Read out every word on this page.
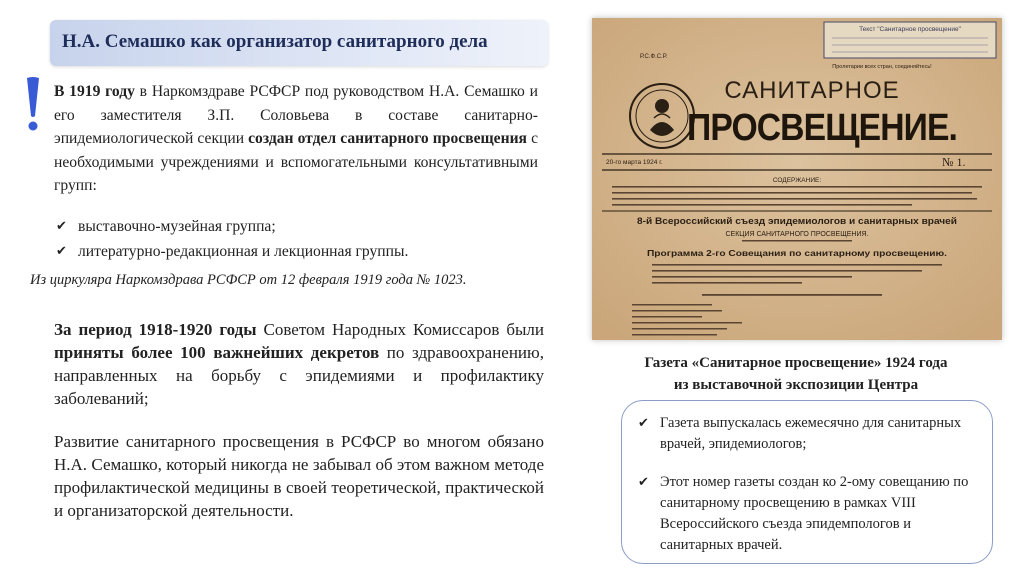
Н.А. Семашко как организатор санитарного дела
В 1919 году в Наркомздраве РСФСР под руководством Н.А. Семашко и его заместителя З.П. Соловьева в составе санитарно-эпидемиологической секции создан отдел санитарного просвещения с необходимыми учреждениями и вспомогательными консультативными групп:
✔ выставочно-музейная группа;
✔ литературно-редакционная и лекционная группы.
Из циркуляра Наркомздрава РСФСР от 12 февраля 1919 года № 1023.
За период 1918-1920 годы Советом Народных Комиссаров были приняты более 100 важнейших декретов по здравоохранению, направленных на борьбу с эпидемиями и профилактику заболеваний;
Развитие санитарного просвещения в РСФСР во многом обязано Н.А. Семашко, который никогда не забывал об этом важном методе профилактической медицины в своей теоретической, практической и организаторской деятельности.
Текст "Санитарное просвещение"
Р.С.Ф.С.Р.
Пролетарии всех стран, соединяйтесь!
САНИТАРНОЕ
ПРОСВЕЩЕНИЕ.
20-го марта 1924 г.	№ 1.
СОДЕРЖАНИЕ:
8-й Всероссийский съезд эпидемиологов и санитарных врачей
СЕКЦИЯ САНИТАРНОГО ПРОСВЕЩЕНИЯ.
Программа 2-го Совещания по санитарному просвещению.
Газета «Санитарное просвещение» 1924 года
из выставочной экспозиции Центра
✔ Газета выпускалась ежемесячно для санитарных врачей, эпидемиологов;
✔ Этот номер газеты создан ко 2-ому совещанию по санитарному просвещению в рамках VIII Всероссийского съезда эпидемпологов и санитарных врачей.
